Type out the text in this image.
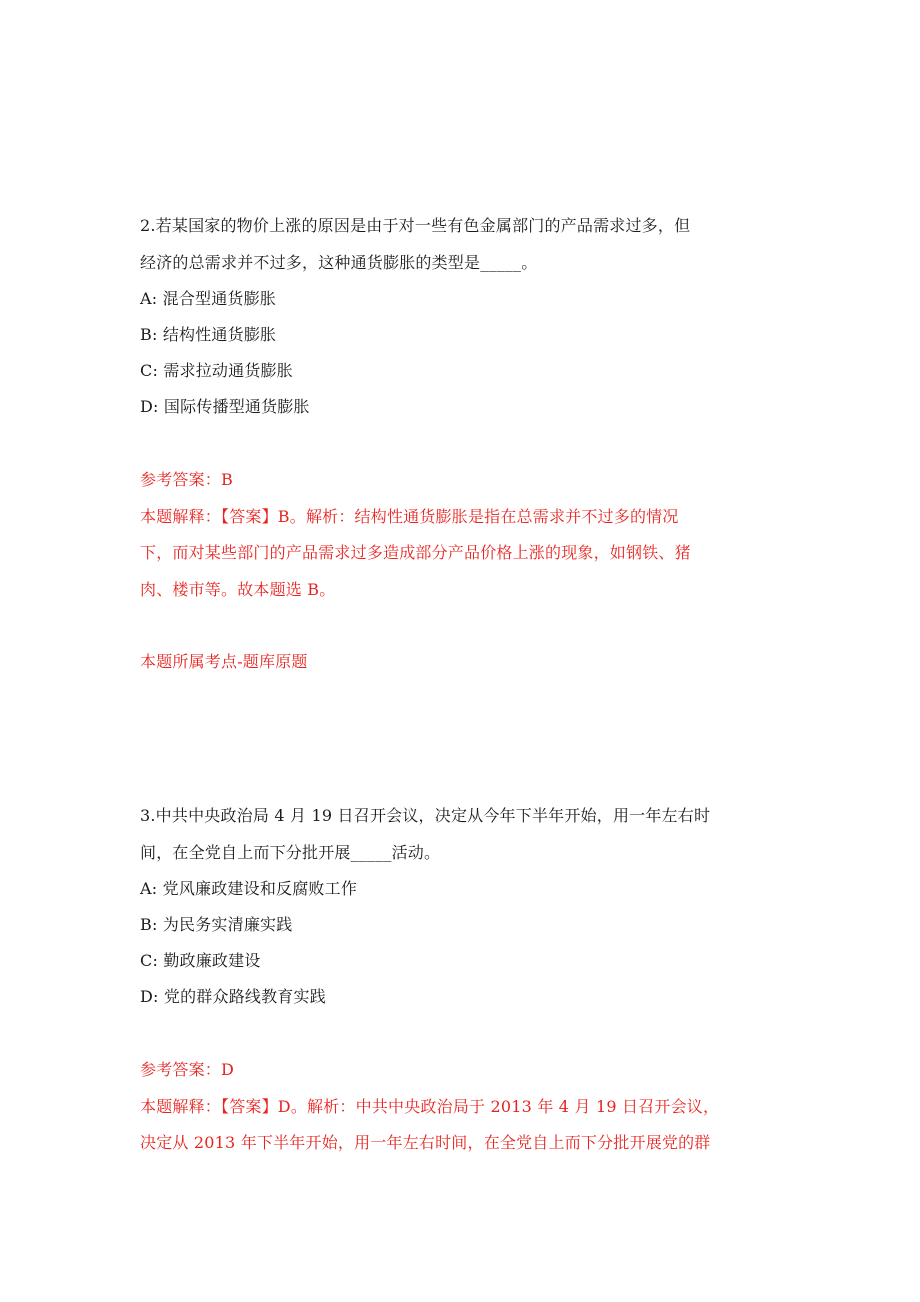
2.若某国家的物价上涨的原因是由于对一些有色金属部门的产品需求过多，但
经济的总需求并不过多，这种通货膨胀的类型是_____。
A: 混合型通货膨胀
B: 结构性通货膨胀
C: 需求拉动通货膨胀
D: 国际传播型通货膨胀
参考答案：B
本题解释：【答案】B。解析：结构性通货膨胀是指在总需求并不过多的情况
下，而对某些部门的产品需求过多造成部分产品价格上涨的现象，如钢铁、猪
肉、楼市等。故本题选 B。
本题所属考点-题库原题
3.中共中央政治局 4 月 19 日召开会议，决定从今年下半年开始，用一年左右时
间，在全党自上而下分批开展_____活动。
A: 党风廉政建设和反腐败工作
B: 为民务实清廉实践
C: 勤政廉政建设
D: 党的群众路线教育实践
参考答案：D
本题解释：【答案】D。解析：中共中央政治局于 2013 年 4 月 19 日召开会议，
决定从 2013 年下半年开始，用一年左右时间，在全党自上而下分批开展党的群
